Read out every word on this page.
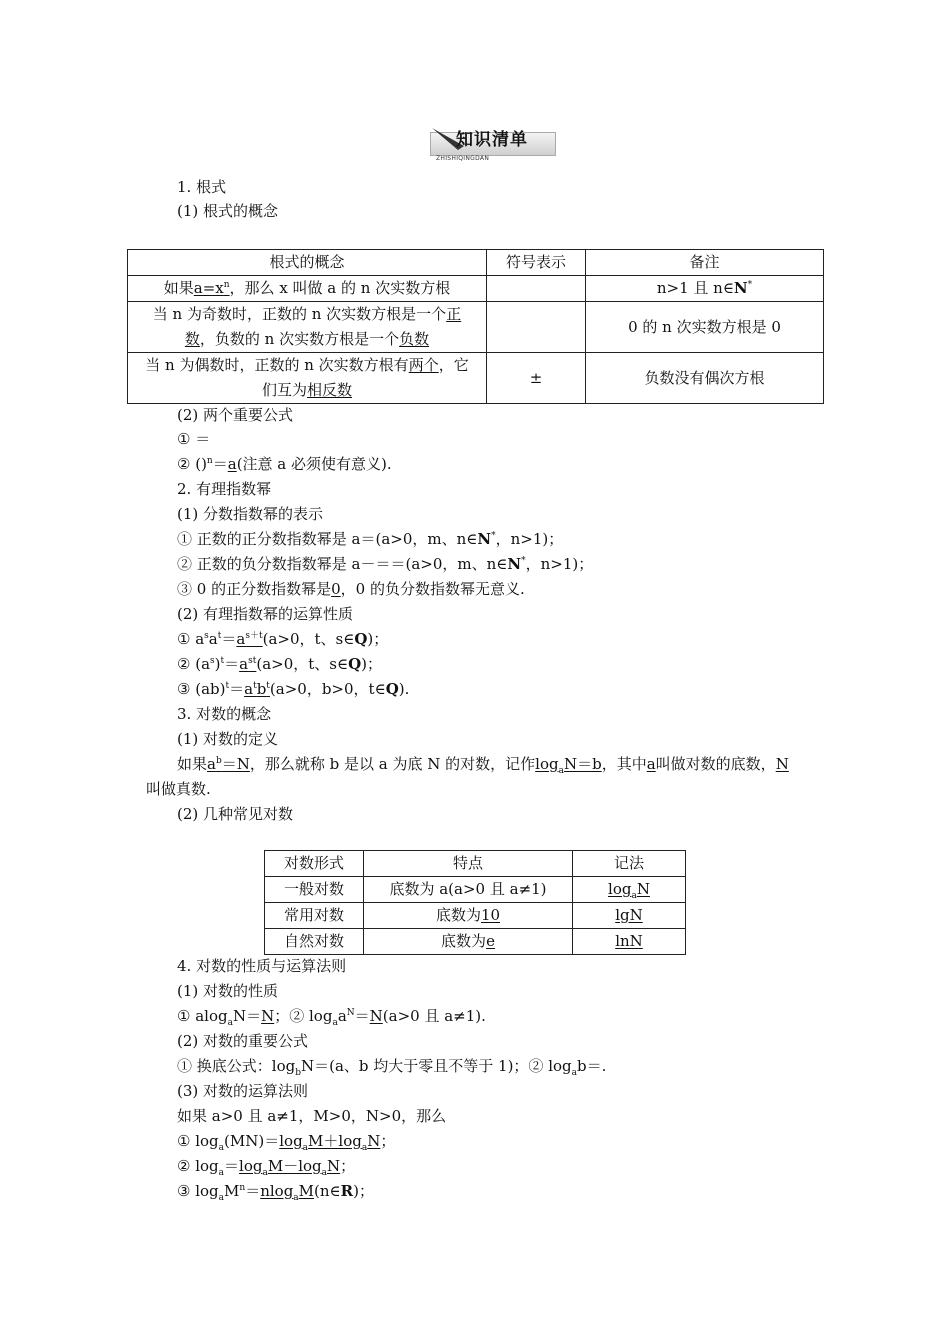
知识清单
ZHISHIQINGDAN
1. 根式
(1) 根式的概念
根式的概念	符号表示	备注
如果$a=x^n$，那么 x 叫做 a 的 n 次实数方根		n>1 且 n∈N*
当 n 为奇数时，正数的 n 次实数方根是一个正
数，负数的 n 次实数方根是一个负数		0 的 n 次实数方根是 0
当 n 为偶数时，正数的 n 次实数方根有两个，它
们互为相反数	±	负数没有偶次方根
(2) 两个重要公式
① ＝
② ()$^n$＝a(注意 a 必须使有意义).
2. 有理指数幂
(1) 分数指数幂的表示
① 正数的正分数指数幂是 a＝(a>0，m、n∈N*，n>1)；
② 正数的负分数指数幂是 a－＝＝(a>0，m、n∈N*，n>1)；
③ 0 的正分数指数幂是0，0 的负分数指数幂无意义.
(2) 有理指数幂的运算性质
① $a^sa^t=a^{s+t}(a>0$，t、s∈Q)；
② $(a^s)^t=a^{st}(a>0$，t、s∈Q)；
③ $(ab)^t=a^tb^t(a>0$，b>0，t∈Q).
3. 对数的概念
(1) 对数的定义
如果$a^b=N$，那么就称 b 是以 a 为底 N 的对数，记作$\log_aN=b$，其中a叫做对数的底数，N
叫做真数.
(2) 几种常见对数
对数形式	特点	记法
一般对数	底数为 a(a>0 且 a≠1)	$\log_aN$
常用对数	底数为10	lgN
自然对数	底数为e	lnN
4. 对数的性质与运算法则
(1) 对数的性质
① alog$_a$N＝N；② $\log_aa^N=N(a>0$ 且 a≠1).
(2) 对数的重要公式
① 换底公式：$\log_bN=(a$、b 均大于零且不等于 1)；② $\log_ab=$.
(3) 对数的运算法则
如果 a>0 且 a≠1，M>0，N>0，那么
① $\log_a(MN)=\log_aM+\log_aN$；
② $\log_a=\log_aM-\log_aN$；
③ $\log_aM^n=nlog_aM(n\in R)$；
